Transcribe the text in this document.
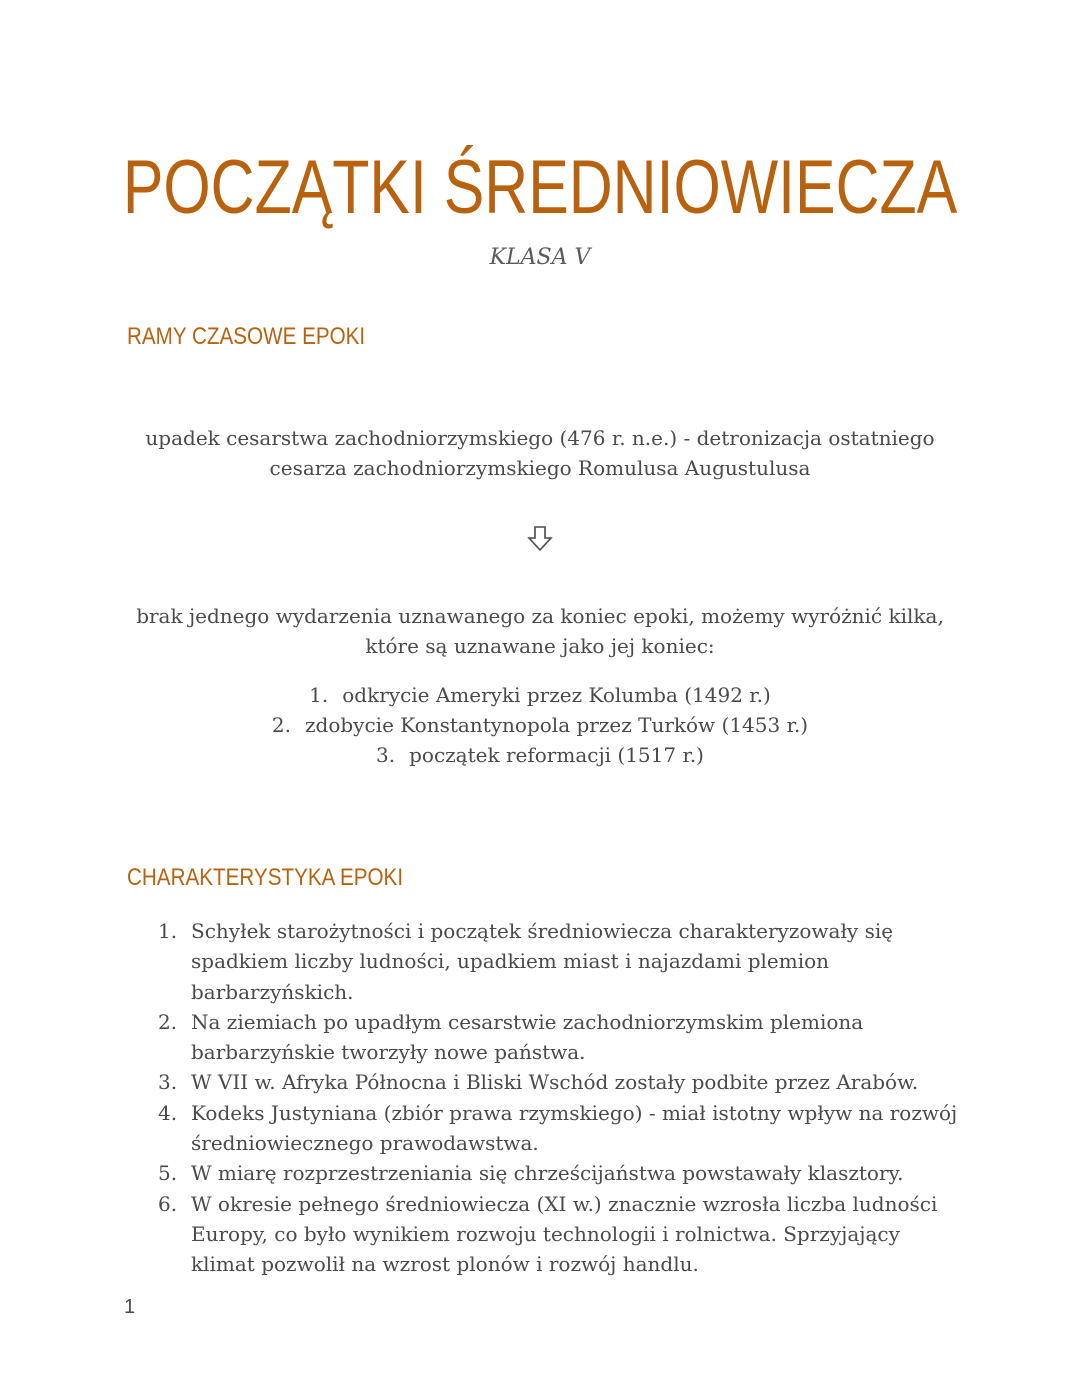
POCZĄTKI ŚREDNIOWIECZA
KLASA V
RAMY CZASOWE EPOKI
upadek cesarstwa zachodniorzymskiego (476 r. n.e.) - detronizacja ostatniego cesarza zachodniorzymskiego Romulusa Augustulusa
brak jednego wydarzenia uznawanego za koniec epoki, możemy wyróżnić kilka, które są uznawane jako jej koniec:
1. odkrycie Ameryki przez Kolumba (1492 r.)
2. zdobycie Konstantynopola przez Turków (1453 r.)
3. początek reformacji (1517 r.)
CHARAKTERYSTYKA EPOKI
1. Schyłek starożytności i początek średniowiecza charakteryzowały się spadkiem liczby ludności, upadkiem miast i najazdami plemion barbarzyńskich.
2. Na ziemiach po upadłym cesarstwie zachodniorzymskim plemiona barbarzyńskie tworzyły nowe państwa.
3. W VII w. Afryka Północna i Bliski Wschód zostały podbite przez Arabów.
4. Kodeks Justyniana (zbiór prawa rzymskiego) - miał istotny wpływ na rozwój średniowiecznego prawodawstwa.
5. W miarę rozprzestrzeniania się chrześcijaństwa powstawały klasztory.
6. W okresie pełnego średniowiecza (XI w.) znacznie wzrosła liczba ludności Europy, co było wynikiem rozwoju technologii i rolnictwa. Sprzyjający klimat pozwolił na wzrost plonów i rozwój handlu.
1
